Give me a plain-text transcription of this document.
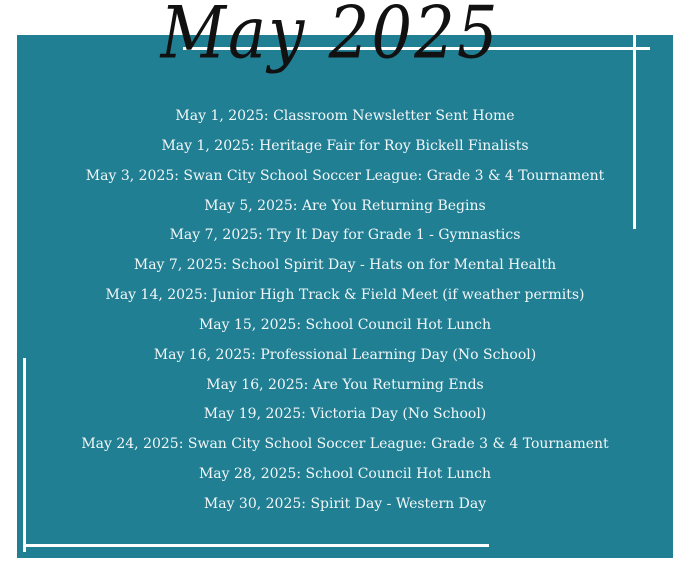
May 2025
May 1, 2025: Classroom Newsletter Sent Home
May 1, 2025: Heritage Fair for Roy Bickell Finalists
May 3, 2025: Swan City School Soccer League: Grade 3 & 4 Tournament
May 5, 2025: Are You Returning Begins
May 7, 2025: Try It Day for Grade 1 - Gymnastics
May 7, 2025: School Spirit Day - Hats on for Mental Health
May 14, 2025: Junior High Track & Field Meet (if weather permits)
May 15, 2025: School Council Hot Lunch
May 16, 2025: Professional Learning Day (No School)
May 16, 2025: Are You Returning Ends
May 19, 2025: Victoria Day (No School)
May 24, 2025: Swan City School Soccer League: Grade 3 & 4 Tournament
May 28, 2025: School Council Hot Lunch
May 30, 2025: Spirit Day - Western Day
